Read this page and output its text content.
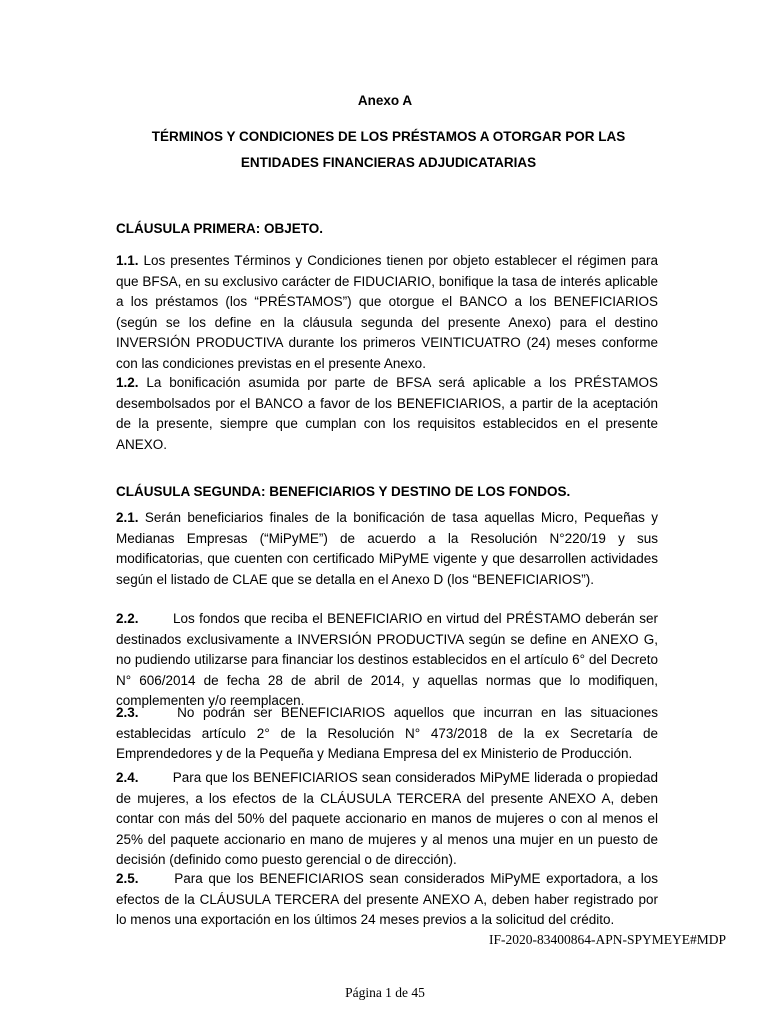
Anexo A
TÉRMINOS Y CONDICIONES DE LOS PRÉSTAMOS A OTORGAR POR LAS
ENTIDADES FINANCIERAS ADJUDICATARIAS
CLÁUSULA PRIMERA: OBJETO.
1.1. Los presentes Términos y Condiciones tienen por objeto establecer el régimen para que BFSA, en su exclusivo carácter de FIDUCIARIO, bonifique la tasa de interés aplicable a los préstamos (los “PRÉSTAMOS”) que otorgue el BANCO a los BENEFICIARIOS (según se los define en la cláusula segunda del presente Anexo) para el destino INVERSIÓN PRODUCTIVA durante los primeros VEINTICUATRO (24) meses conforme con las condiciones previstas en el presente Anexo.
1.2. La bonificación asumida por parte de BFSA será aplicable a los PRÉSTAMOS desembolsados por el BANCO a favor de los BENEFICIARIOS, a partir de la aceptación de la presente, siempre que cumplan con los requisitos establecidos en el presente ANEXO.
CLÁUSULA SEGUNDA: BENEFICIARIOS Y DESTINO DE LOS FONDOS.
2.1. Serán beneficiarios finales de la bonificación de tasa aquellas Micro, Pequeñas y Medianas Empresas (“MiPyME”) de acuerdo a la Resolución N°220/19 y sus modificatorias, que cuenten con certificado MiPyME vigente y que desarrollen actividades según el listado de CLAE que se detalla en el Anexo D (los “BENEFICIARIOS”).
2.2.	Los fondos que reciba el BENEFICIARIO en virtud del PRÉSTAMO deberán ser destinados exclusivamente a INVERSIÓN PRODUCTIVA según se define en ANEXO G, no pudiendo utilizarse para financiar los destinos establecidos en el artículo 6° del Decreto N° 606/2014 de fecha 28 de abril de 2014, y aquellas normas que lo modifiquen, complementen y/o reemplacen.
2.3.	No podrán ser BENEFICIARIOS aquellos que incurran en las situaciones establecidas artículo 2° de la Resolución N° 473/2018 de la ex Secretaría de Emprendedores y de la Pequeña y Mediana Empresa del ex Ministerio de Producción.
2.4.	Para que los BENEFICIARIOS sean considerados MiPyME liderada o propiedad de mujeres, a los efectos de la CLÁUSULA TERCERA del presente ANEXO A, deben contar con más del 50% del paquete accionario en manos de mujeres o con al menos el 25% del paquete accionario en mano de mujeres y al menos una mujer en un puesto de decisión (definido como puesto gerencial o de dirección).
2.5.	Para que los BENEFICIARIOS sean considerados MiPyME exportadora, a los efectos de la CLÁUSULA TERCERA del presente ANEXO A, deben haber registrado por lo menos una exportación en los últimos 24 meses previos a la solicitud del crédito.
IF-2020-83400864-APN-SPYMEYE#MDP
Página 1 de 45
